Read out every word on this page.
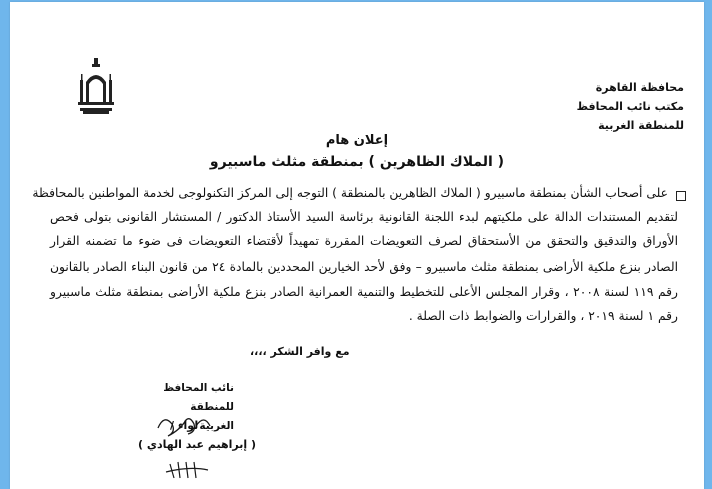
محافظة القاهرة
مكتب نائب المحافظ
للمنطقة الغربية
إعلان هام
( الملاك الظاهرين ) بمنطقة مثلث ماسبيرو
على أصحاب الشأن بمنطقة ماسبيرو ( الملاك الظاهرين بالمنطقة ) التوجه إلى المركز التكنولوجى لخدمة المواطنين بالمحافظة
لتقديم المستندات الدالة على ملكيتهم لبدء اللجنة القانونية برئاسة السيد الأستاذ الدكتور / المستشار القانونى بتولى فحص
الأوراق والتدقيق والتحقق من الأستحقاق لصرف التعويضات المقررة تمهيداً لأقتضاء التعويضات فى ضوء ما تضمنه القرار
الصادر بنزع ملكية الأراضى بمنطقة مثلث ماسبيرو – وفق لأحد الخيارين المحددين بالمادة ٢٤ من قانون البناء الصادر بالقانون
رقم ١١٩ لسنة ٢٠٠٨ ، وقرار المجلس الأعلى للتخطيط والتنمية العمرانية الصادر بنزع ملكية الأراضى بمنطقة مثلث ماسبيرو
رقم ١ لسنة ٢٠١٩ ، والقرارات والضوابط ذات الصلة .
مع وافر الشكر ،،،،
نائب المحافظ
للمنطقة الغربية
لواء /
( إبراهيم عبد الهادي )
